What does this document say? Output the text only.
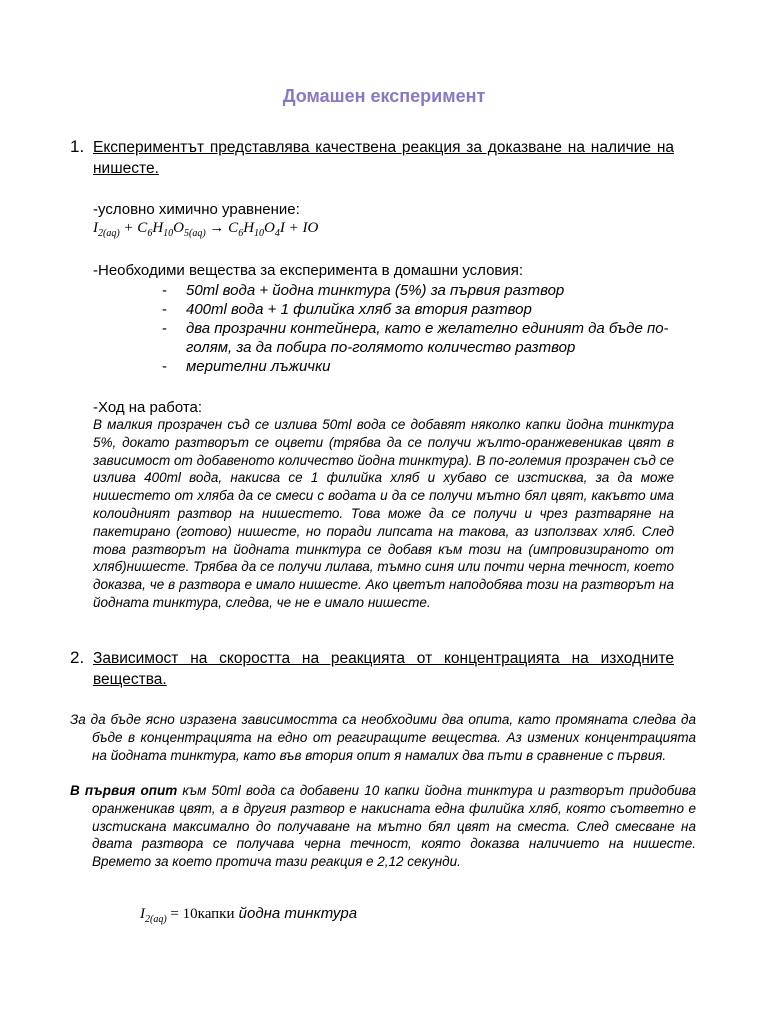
Домашен експеримент
1. Експериментът представлява качествена реакция за доказване на наличие на нишесте.
-условно химично уравнение:
$I_{2(aq)} + C_6H_{10}O_{5(aq)} \to C_6H_{10}O_4I$ + IO
-Необходими вещества за експеримента в домашни условия:
- 50ml вода + йодна тинктура (5%) за първия разтвор
- 400ml вода + 1 филийка хляб за втория разтвор
- два прозрачни контейнера, като е желателно единият да бъде по-голям, за да побира по-голямото количество разтвор
- мерителни лъжички
-Ход на работа:
В малкия прозрачен съд се излива 50ml вода се добавят няколко капки йодна тинктура 5%, докато разтворът се оцвети (трябва да се получи жълто-оранжевеникав цвят в зависимост от добавеното количество йодна тинктура). В по-големия прозрачен съд се излива 400ml вода, накисва се 1 филийка хляб и хубаво се изстисква, за да може нишестето от хляба да се смеси с водата и да се получи мътно бял цвят, какъвто има колоидният разтвор на нишестето. Това може да се получи и чрез разтваряне на пакетирано (готово) нишесте, но поради липсата на такова, аз използвах хляб. След това разтворът на йодната тинктура се добавя към този на (импровизираното от хляб)нишесте. Трябва да се получи лилава, тъмно синя или почти черна течност, което доказва, че в разтвора е имало нишесте. Ако цветът наподобява този на разтворът на йодната тинктура, следва, че не е имало нишесте.
2. Зависимост на скоростта на реакцията от концентрацията на изходните вещества.
За да бъде ясно изразена зависимостта са необходими два опита, като промяната следва да бъде в концентрацията на едно от реагиращите вещества. Аз измених концентрацията на йодната тинктура, като във втория опит я намалих два пъти в сравнение с първия.
В първия опит към 50ml вода са добавени 10 капки йодна тинктура и разтворът придобива оранженикав цвят, а в другия разтвор е накисната една филийка хляб, която съответно е изстискана максимално до получаване на мътно бял цвят на сместа. След смесване на двата разтвора се получава черна течност, която доказва наличието на нишесте. Времето за което протича тази реакция е 2,12 секунди.
$I_{2(aq)}$ = 10капки йодна тинктура
